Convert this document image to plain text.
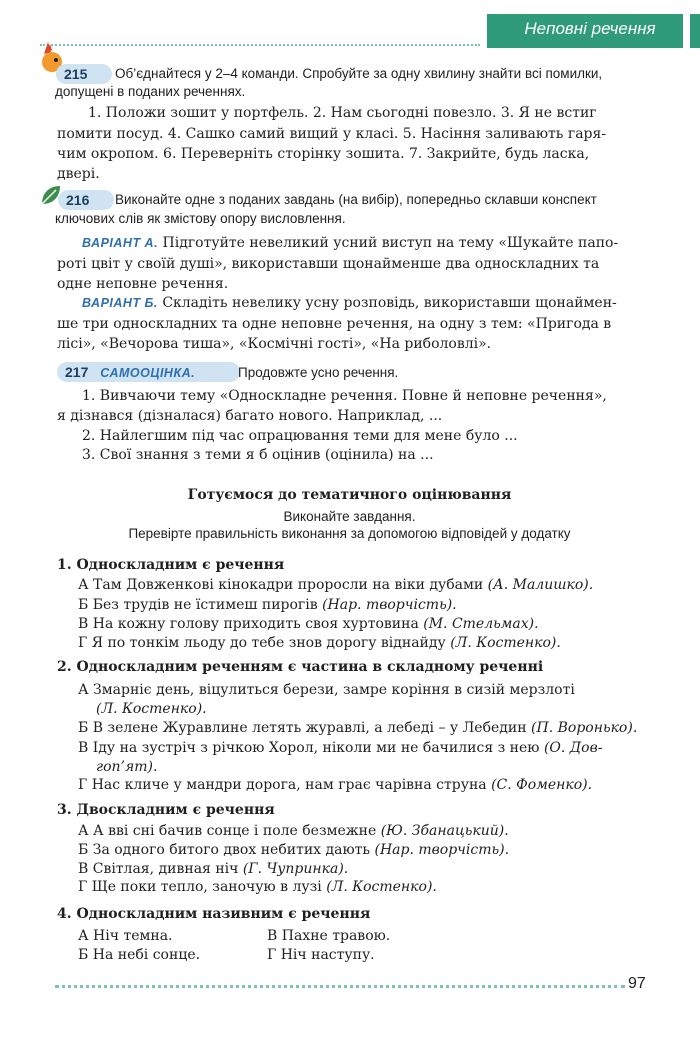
Неповні речення
215	Об’єднайтеся у 2–4 команди. Спробуйте за одну хвилину знайти всі помилки,
допущені в поданих реченнях.
1. Положи зошит у портфель. 2. Нам сьогодні повезло. 3. Я не встиг
помити посуд. 4. Сашко самий вищий у класі. 5. Насіння заливають гаря-
чим окропом. 6. Переверніть сторінку зошита. 7. Закрийте, будь ласка,
двері.
216	Виконайте одне з поданих завдань (на вибір), попередньо склавши конспект
ключових слів як змістову опору висловлення.
ВАРІАНТ А. Підготуйте невеликий усний виступ на тему «Шукайте папо-
роті цвіт у своїй душі», використавши щонайменше два односкладних та
одне неповне речення.
ВАРІАНТ Б. Складіть невелику усну розповідь, використавши щонаймен-
ше три односкладних та одне неповне речення, на одну з тем: «Пригода в
лісі», «Вечорова тиша», «Космічні гості», «На риболовлі».
217 САМООЦІНКА.	Продовжте усно речення.
1. Вивчаючи тему «Односкладне речення. Повне й неповне речення»,
я дізнався (дізналася) багато нового. Наприклад, ...
2. Найлегшим під час опрацювання теми для мене було ...
3. Свої знання з теми я б оцінив (оцінила) на ...
Готуємося до тематичного оцінювання
Виконайте завдання.
Перевірте правильність виконання за допомогою відповідей у додатку
1. Односкладним є речення
А Там Довженкові кінокадри проросли на віки дубами (А. Малишко).
Б Без трудів не їстимеш пирогів (Нар. творчість).
В На кожну голову приходить своя хуртовина (М. Стельмах).
Г Я по тонкім льоду до тебе знов дорогу віднайду (Л. Костенко).
2. Односкладним реченням є частина в складному реченні
А Змарніє день, віцулиться берези, замре коріння в сизій мерзлоті
(Л. Костенко).
Б В зелене Журавлине летять журавлі, а лебеді – у Лебедин (П. Воронько).
В Іду на зустріч з річкою Хорол, ніколи ми не бачилися з нею (О. Дов-
гоп’ят).
Г Нас кличе у мандри дорога, нам грає чарівна струна (С. Фоменко).
3. Двоскладним є речення
А А вві сні бачив сонце і поле безмежне (Ю. Збанацький).
Б За одного битого двох небитих дають (Нар. творчість).
В Світлая, дивная ніч (Г. Чупринка).
Г Ще поки тепло, заночую в лузі (Л. Костенко).
4. Односкладним називним є речення
А Ніч темна.	В Пахне травою.
Б На небі сонце.	Г Ніч наступу.
97
